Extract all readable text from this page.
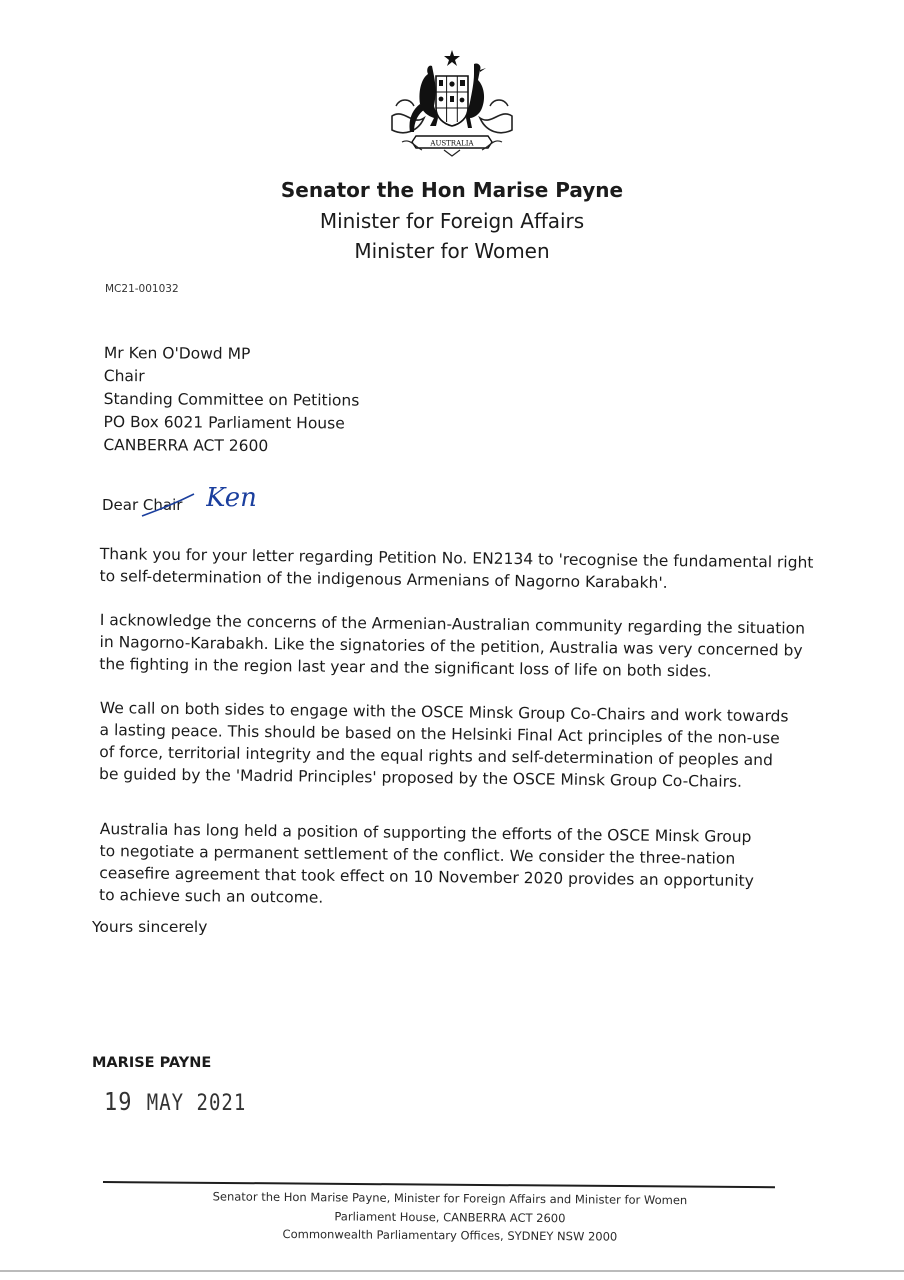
AUSTRALIA
Senator the Hon Marise Payne
Minister for Foreign Affairs
Minister for Women
MC21-001032
Mr Ken O'Dowd MP
Chair
Standing Committee on Petitions
PO Box 6021 Parliament House
CANBERRA ACT 2600
Dear Chair Ken
Thank you for your letter regarding Petition No. EN2134 to 'recognise the fundamental right
to self-determination of the indigenous Armenians of Nagorno Karabakh'.
I acknowledge the concerns of the Armenian-Australian community regarding the situation
in Nagorno-Karabakh. Like the signatories of the petition, Australia was very concerned by
the fighting in the region last year and the significant loss of life on both sides.
We call on both sides to engage with the OSCE Minsk Group Co-Chairs and work towards
a lasting peace. This should be based on the Helsinki Final Act principles of the non-use
of force, territorial integrity and the equal rights and self-determination of peoples and
be guided by the 'Madrid Principles' proposed by the OSCE Minsk Group Co-Chairs.
Australia has long held a position of supporting the efforts of the OSCE Minsk Group
to negotiate a permanent settlement of the conflict. We consider the three-nation
ceasefire agreement that took effect on 10 November 2020 provides an opportunity
to achieve such an outcome.
Yours sincerely
MARISE PAYNE
19 MAY 2021
Senator the Hon Marise Payne, Minister for Foreign Affairs and Minister for Women
Parliament House, CANBERRA ACT 2600
Commonwealth Parliamentary Offices, SYDNEY NSW 2000
